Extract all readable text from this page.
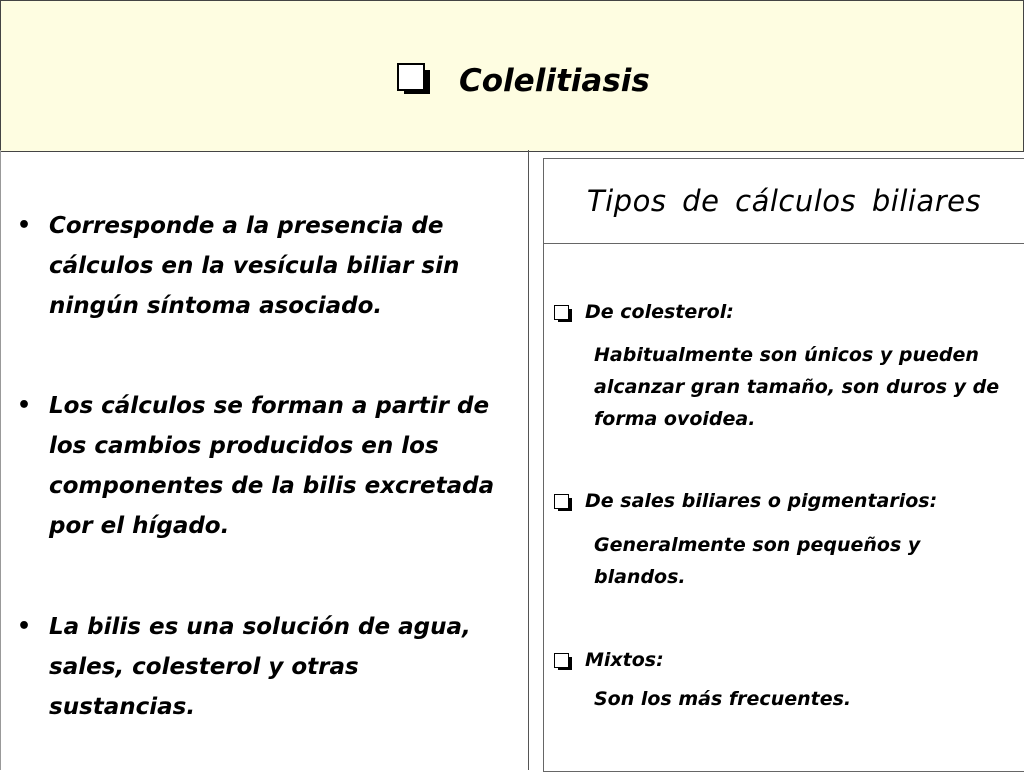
Colelitiasis
• Corresponde a la presencia de cálculos en la vesícula biliar sin ningún síntoma asociado.
• Los cálculos se forman a partir de los cambios producidos en los componentes de la bilis excretada por el hígado.
• La bilis es una solución de agua, sales, colesterol y otras sustancias.
Tipos de cálculos biliares
De colesterol:
Habitualmente son únicos y pueden alcanzar gran tamaño, son duros y de forma ovoidea.
De sales biliares o pigmentarios:
Generalmente son pequeños y blandos.
Mixtos:
Son los más frecuentes.
